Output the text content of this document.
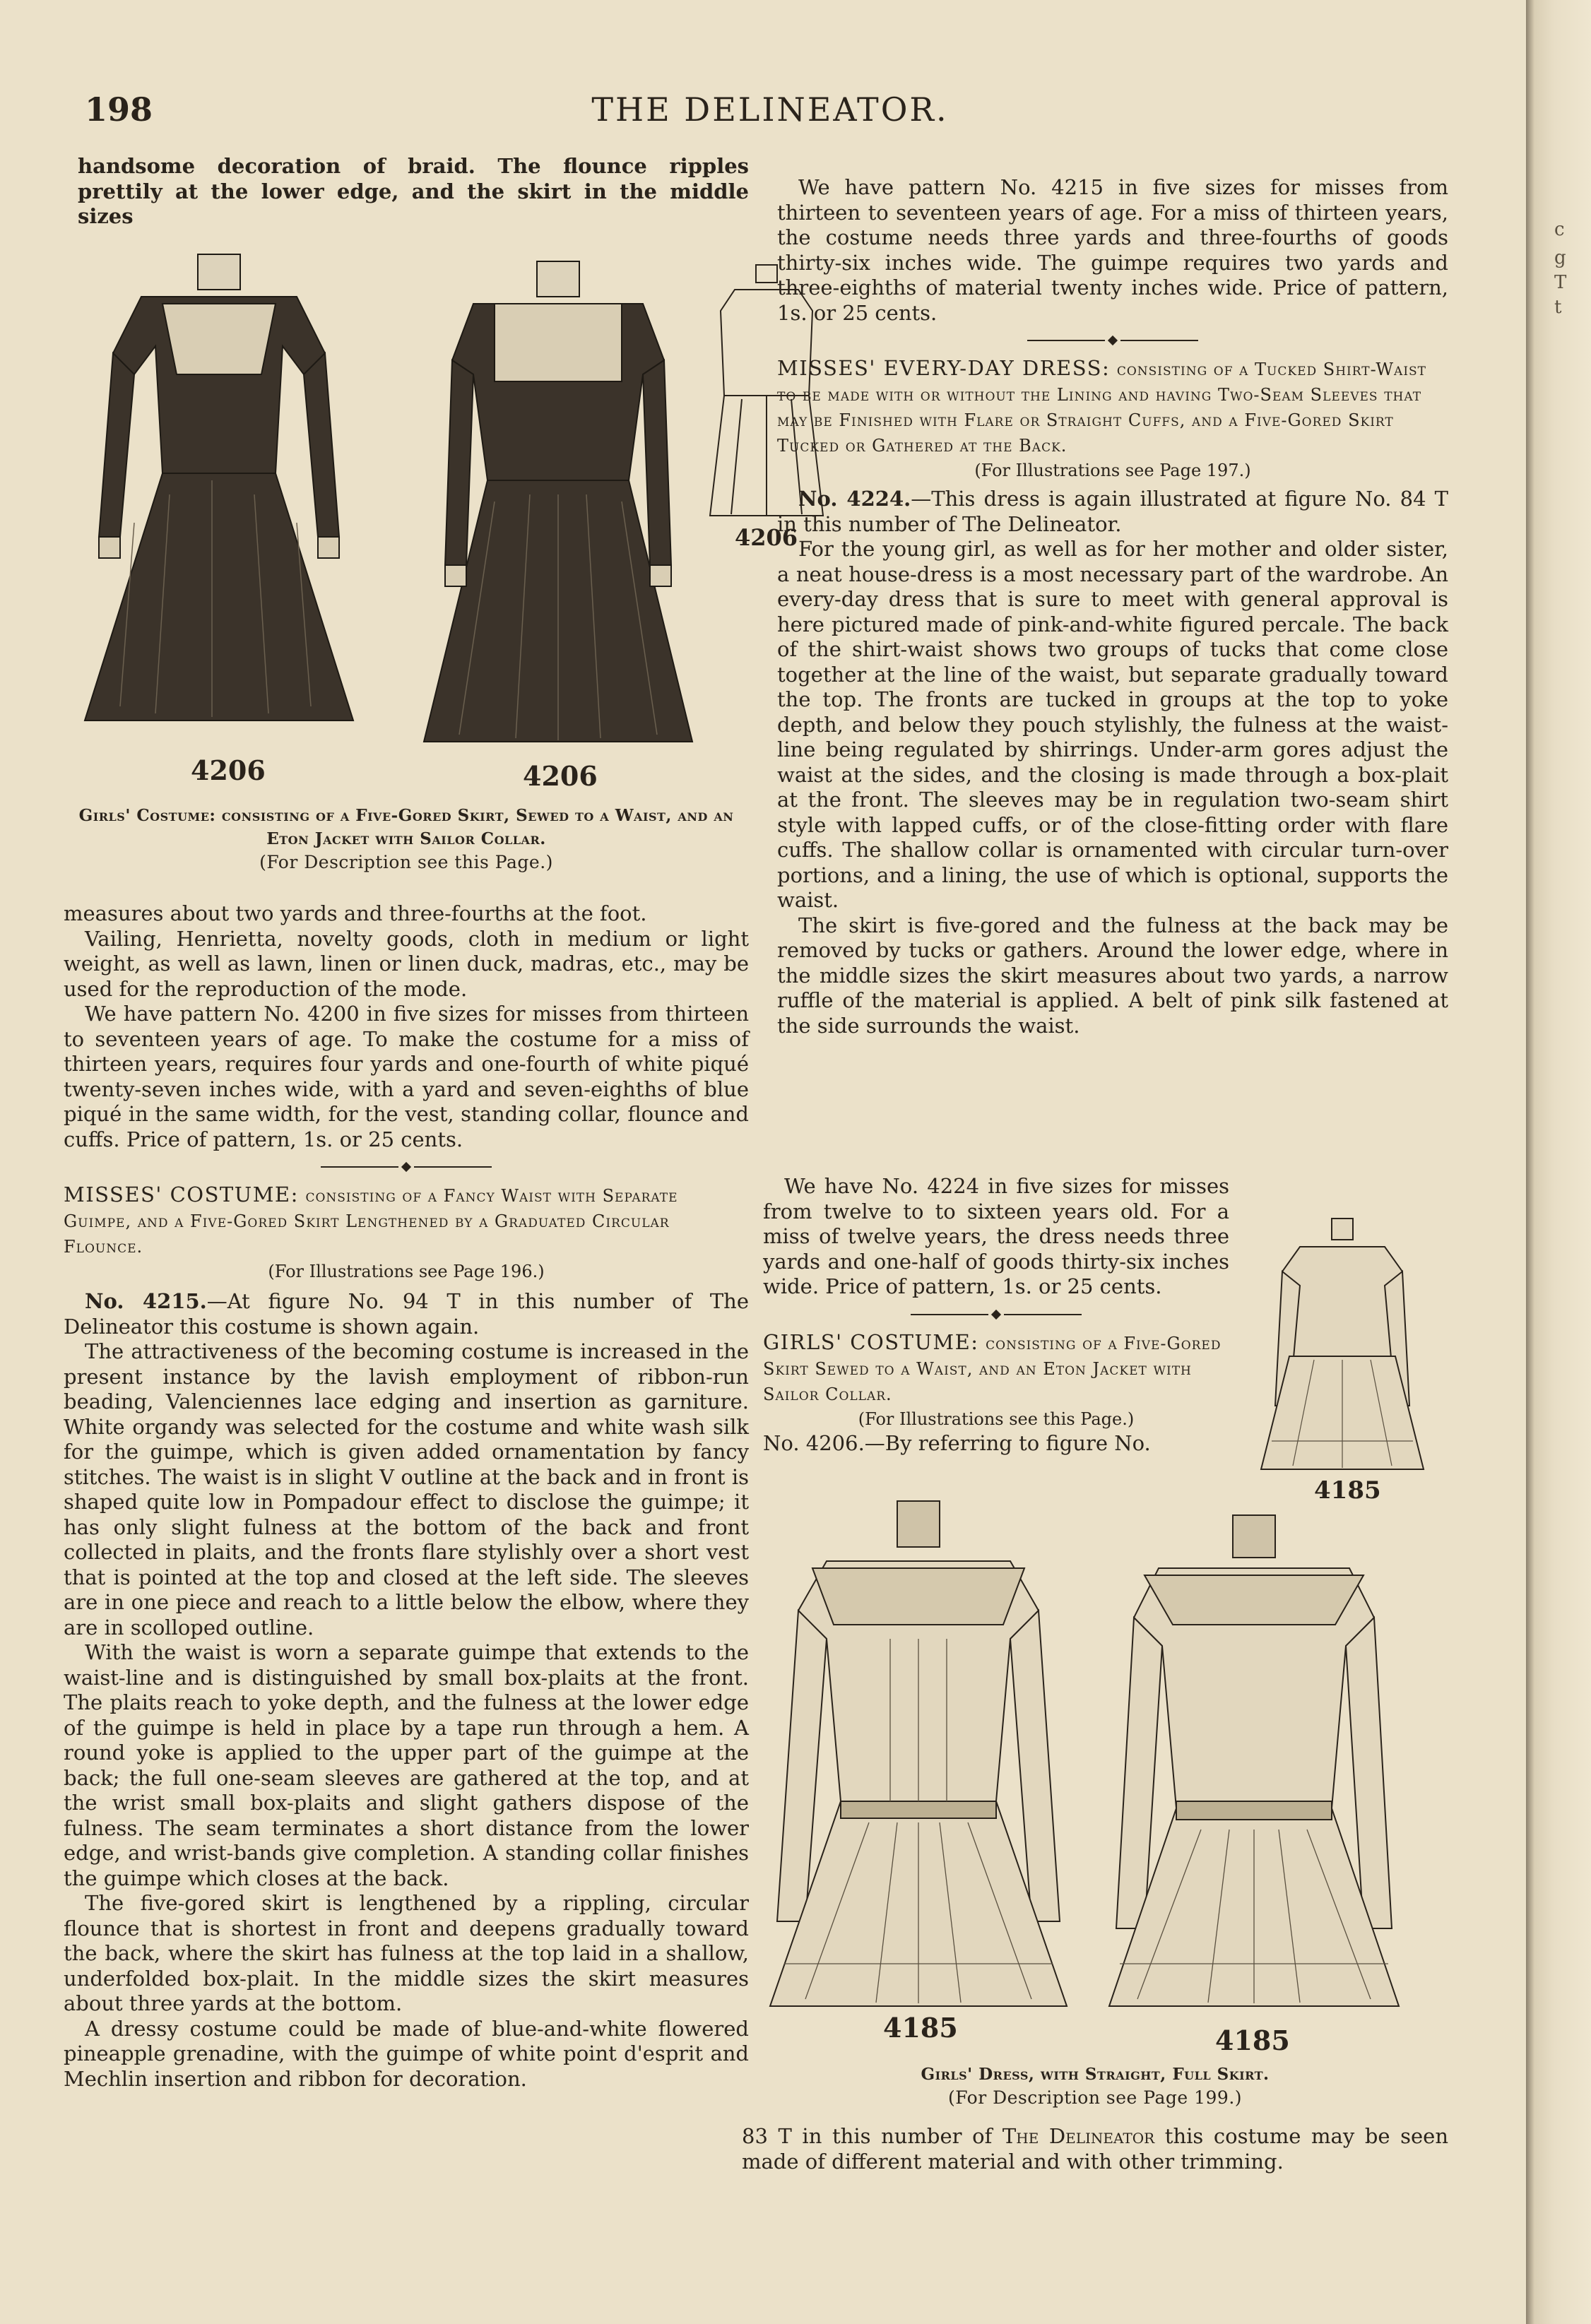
198	THE DELINEATOR.

handsome decoration of braid. The flounce ripples prettily at the lower edge, and the skirt in the middle sizes

4206	4206
4206
Girls' Costume: consisting of a Five-Gored Skirt, Sewed to a Waist, and an Eton Jacket with Sailor Collar.
(For Description see this Page.)

measures about two yards and three-fourths at the foot.

Vailing, Henrietta, novelty goods, cloth in medium or light weight, as well as lawn, linen or linen duck, madras, etc., may be used for the reproduction of the mode.

We have pattern No. 4200 in five sizes for misses from thirteen to seventeen years of age. To make the costume for a miss of thirteen years, requires four yards and one-fourth of white piqué twenty-seven inches wide, with a yard and seven-eighths of blue piqué in the same width, for the vest, standing collar, flounce and cuffs. Price of pattern, 1s. or 25 cents.

MISSES' COSTUME: consisting of a Fancy Waist with Separate Guimpe, and a Five-Gored Skirt Lengthened by a Graduated Circular Flounce.
(For Illustrations see Page 196.)

No. 4215.—At figure No. 94 T in this number of The Delineator this costume is shown again.

The attractiveness of the becoming costume is increased in the present instance by the lavish employment of ribbon-run beading, Valenciennes lace edging and insertion as garniture. White organdy was selected for the costume and white wash silk for the guimpe, which is given added ornamentation by fancy stitches. The waist is in slight V outline at the back and in front is shaped quite low in Pompadour effect to disclose the guimpe; it has only slight fulness at the bottom of the back and front collected in plaits, and the fronts flare stylishly over a short vest that is pointed at the top and closed at the left side. The sleeves are in one piece and reach to a little below the elbow, where they are in scolloped outline.

With the waist is worn a separate guimpe that extends to the waist-line and is distinguished by small box-plaits at the front. The plaits reach to yoke depth, and the fulness at the lower edge of the guimpe is held in place by a tape run through a hem. A round yoke is applied to the upper part of the guimpe at the back; the full one-seam sleeves are gathered at the top, and at the wrist small box-plaits and slight gathers dispose of the fulness. The seam terminates a short distance from the lower edge, and wrist-bands give completion. A standing collar finishes the guimpe which closes at the back.

The five-gored skirt is lengthened by a rippling, circular flounce that is shortest in front and deepens gradually toward the back, where the skirt has fulness at the top laid in a shallow, underfolded box-plait. In the middle sizes the skirt measures about three yards at the bottom.

A dressy costume could be made of blue-and-white flowered pineapple grenadine, with the guimpe of white point d'esprit and Mechlin insertion and ribbon for decoration.

We have pattern No. 4215 in five sizes for misses from thirteen to seventeen years of age. For a miss of thirteen years, the costume needs three yards and three-fourths of goods thirty-six inches wide. The guimpe requires two yards and three-eighths of material twenty inches wide. Price of pattern, 1s. or 25 cents.

MISSES' EVERY-DAY DRESS: consisting of a Tucked Shirt-Waist to be made with or without the Lining and having Two-Seam Sleeves that may be Finished with Flare or Straight Cuffs, and a Five-Gored Skirt Tucked or Gathered at the Back.
(For Illustrations see Page 197.)

No. 4224.—This dress is again illustrated at figure No. 84 T in this number of The Delineator.

For the young girl, as well as for her mother and older sister, a neat house-dress is a most necessary part of the wardrobe. An every-day dress that is sure to meet with general approval is here pictured made of pink-and-white figured percale. The back of the shirt-waist shows two groups of tucks that come close together at the line of the waist, but separate gradually toward the top. The fronts are tucked in groups at the top to yoke depth, and below they pouch stylishly, the fulness at the waist-line being regulated by shirrings. Under-arm gores adjust the waist at the sides, and the closing is made through a box-plait at the front. The sleeves may be in regulation two-seam shirt style with lapped cuffs, or of the close-fitting order with flare cuffs. The shallow collar is ornamented with circular turn-over portions, and a lining, the use of which is optional, supports the waist.

The skirt is five-gored and the fulness at the back may be removed by tucks or gathers. Around the lower edge, where in the middle sizes the skirt measures about two yards, a narrow ruffle of the material is applied. A belt of pink silk fastened at the side surrounds the waist.

We have No. 4224 in five sizes for misses from twelve to to sixteen years old. For a miss of twelve years, the dress needs three yards and one-half of goods thirty-six inches wide. Price of pattern, 1s. or 25 cents.

GIRLS' COSTUME: consisting of a Five-Gored Skirt Sewed to a Waist, and an Eton Jacket with Sailor Collar.
(For Illustrations see this Page.)

No. 4206.—By referring to figure No.

4185
4185	4185
Girls' Dress, with Straight, Full Skirt.
(For Description see Page 199.)

83 T in this number of The Delineator this costume may be seen made of different material and with other trimming.

c
g
T
t
